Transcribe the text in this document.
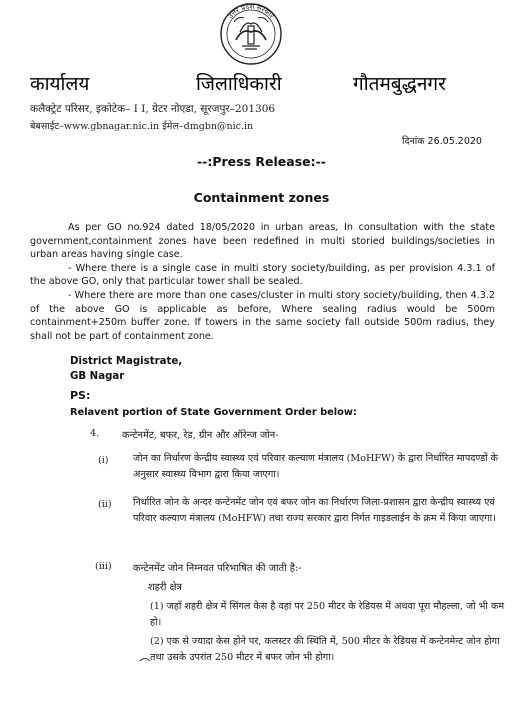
उत्तर प्रदेश सरकार
कार्यालय	जिलाधिकारी	गौतमबुद्धनगर
कलैक्ट्रेट परिसर, इकोटेक– I I, ग्रेटर नोएडा, सूरजपुर–201306
बेबसाईट–www.gbnagar.nic.in ईमेल–dmgbn@nic.in
दिनांक 26.05.2020
--:Press Release:--
Containment zones

As per GO no.924 dated 18/05/2020 in urban areas, In consultation with the state government,containment zones have been redefined in multi storied buildings/societies in urban areas having single case.

- Where there is a single case in multi story society/building, as per provision 4.3.1 of the above GO, only that particular tower shall be sealed.

- Where there are more than one cases/cluster in multi story society/building, then 4.3.2 of the above GO is applicable as before, Where sealing radius would be 500m containment+250m buffer zone. If towers in the same society fall outside 500m radius, they shall not be part of containment zone.

District Magistrate,
GB Nagar
PS:
Relavent portion of State Government Order below:
4. कन्टेनमेंट, बफर, रेड, ग्रीन और ऑरेन्ज जोन-
(i)	जोन का निर्धारण केन्द्रीय स्वास्थ्य एवं परिवार कल्याण मंत्रालय (MoHFW) के द्वारा निर्धारित मापदण्डों के अनुसार स्वास्थ्य विभाग द्वारा किया जाएगा।
(ii) निर्धारित जोन के अन्दर कन्टेनमेंट जोन एवं बफर जोन का निर्धारण जिला-प्रशासन द्वारा केन्द्रीय स्वास्थ्य एवं परिवार कल्याण मंत्रालय (MoHFW) तथा राज्य सरकार द्वारा निर्गत गाइडलाईन के क्रम में किया जाएगा।
(iii) कन्टेनमेंट जोन निम्नवत परिभाषित की जाती है:-
शहरी क्षेत्र
(1) जहाँ शहरी क्षेत्र में सिंगल केस है वहां पर 250 मीटर के रेडियस में अथवा पूरा मौहल्ला, जो भी कम हो।
(2) एक से ज्यादा केस होने पर, कलस्टर की स्थिति में, 500 मीटर के रेडियस में कन्टेनमेन्ट जोन होगा तथा उसके उपरांत 250 मीटर में बफर जोन भी होगा।
